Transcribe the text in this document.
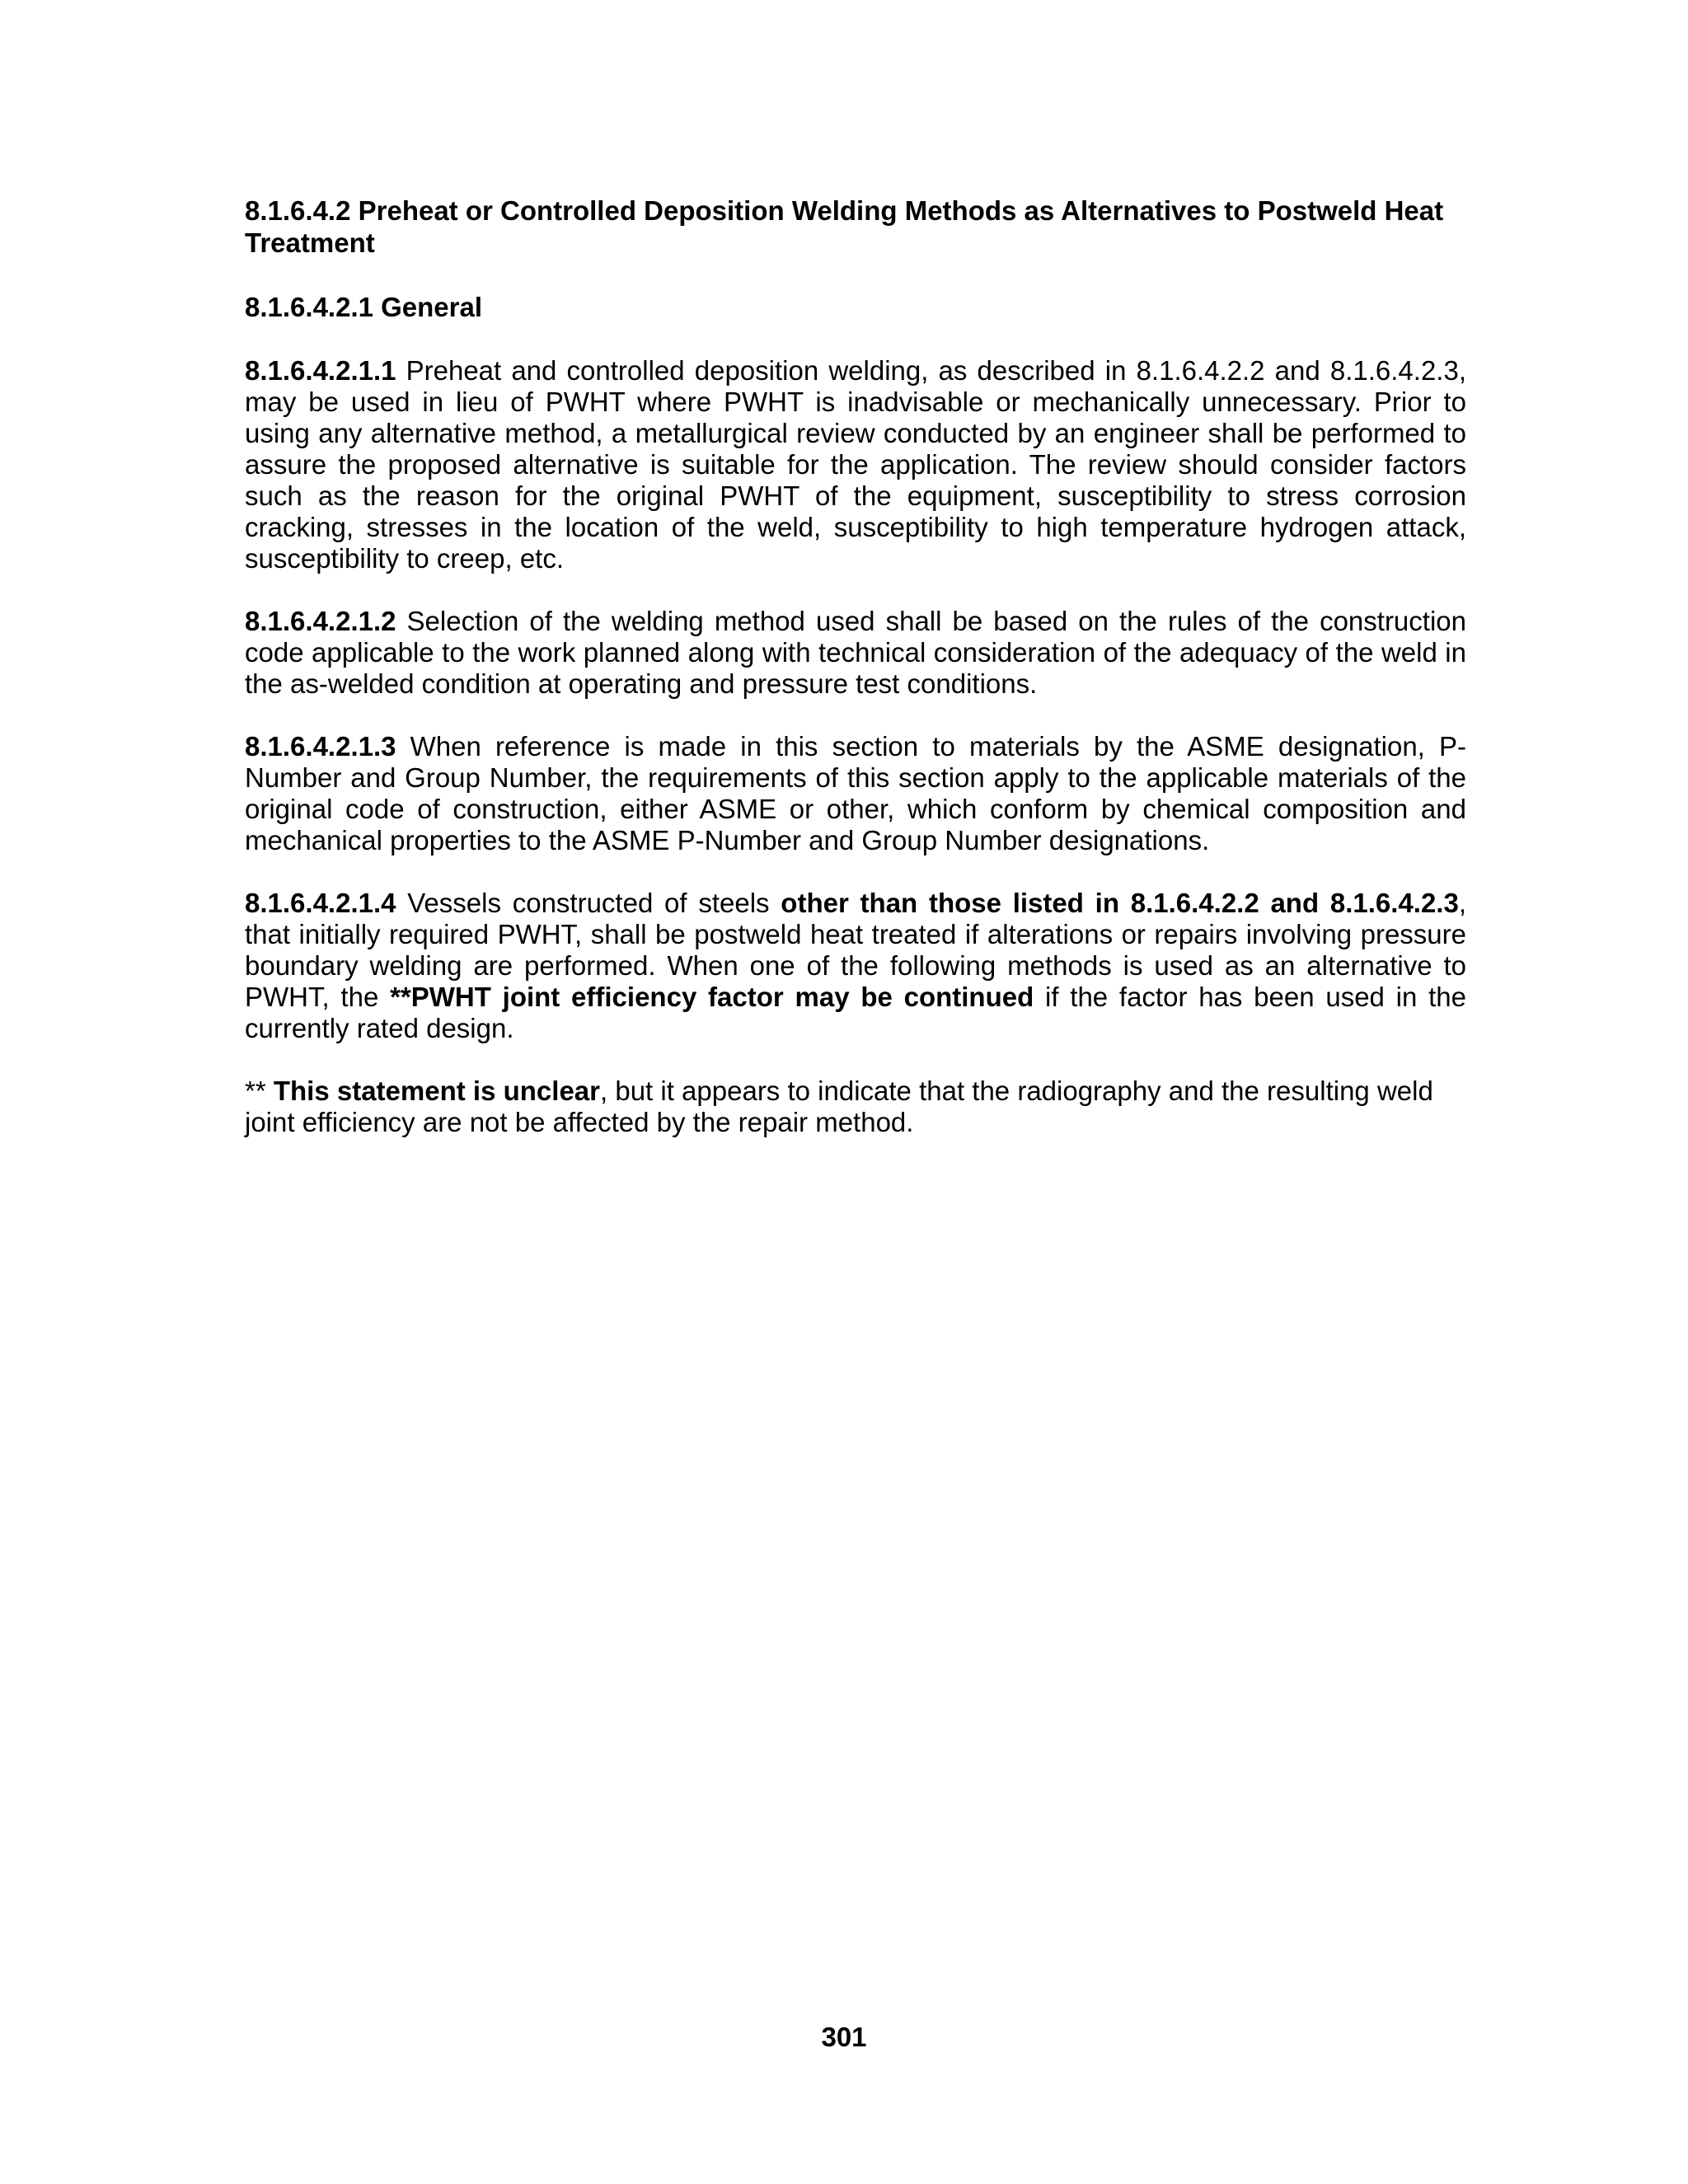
8.1.6.4.2 Preheat or Controlled Deposition Welding Methods as Alternatives to Postweld Heat Treatment

8.1.6.4.2.1 General

8.1.6.4.2.1.1 Preheat and controlled deposition welding, as described in 8.1.6.4.2.2 and 8.1.6.4.2.3, may be used in lieu of PWHT where PWHT is inadvisable or mechanically unnecessary. Prior to using any alternative method, a metallurgical review conducted by an engineer shall be performed to assure the proposed alternative is suitable for the application. The review should consider factors such as the reason for the original PWHT of the equipment, susceptibility to stress corrosion cracking, stresses in the location of the weld, susceptibility to high temperature hydrogen attack, susceptibility to creep, etc.

8.1.6.4.2.1.2 Selection of the welding method used shall be based on the rules of the construction code applicable to the work planned along with technical consideration of the adequacy of the weld in the as-welded condition at operating and pressure test conditions.

8.1.6.4.2.1.3 When reference is made in this section to materials by the ASME designation, P-Number and Group Number, the requirements of this section apply to the applicable materials of the original code of construction, either ASME or other, which conform by chemical composition and mechanical properties to the ASME P-Number and Group Number designations.

8.1.6.4.2.1.4 Vessels constructed of steels other than those listed in 8.1.6.4.2.2 and 8.1.6.4.2.3, that initially required PWHT, shall be postweld heat treated if alterations or repairs involving pressure boundary welding are performed. When one of the following methods is used as an alternative to PWHT, the **PWHT joint efficiency factor may be continued if the factor has been used in the currently rated design.

** This statement is unclear, but it appears to indicate that the radiography and the resulting weld joint efficiency are not be affected by the repair method.

301
